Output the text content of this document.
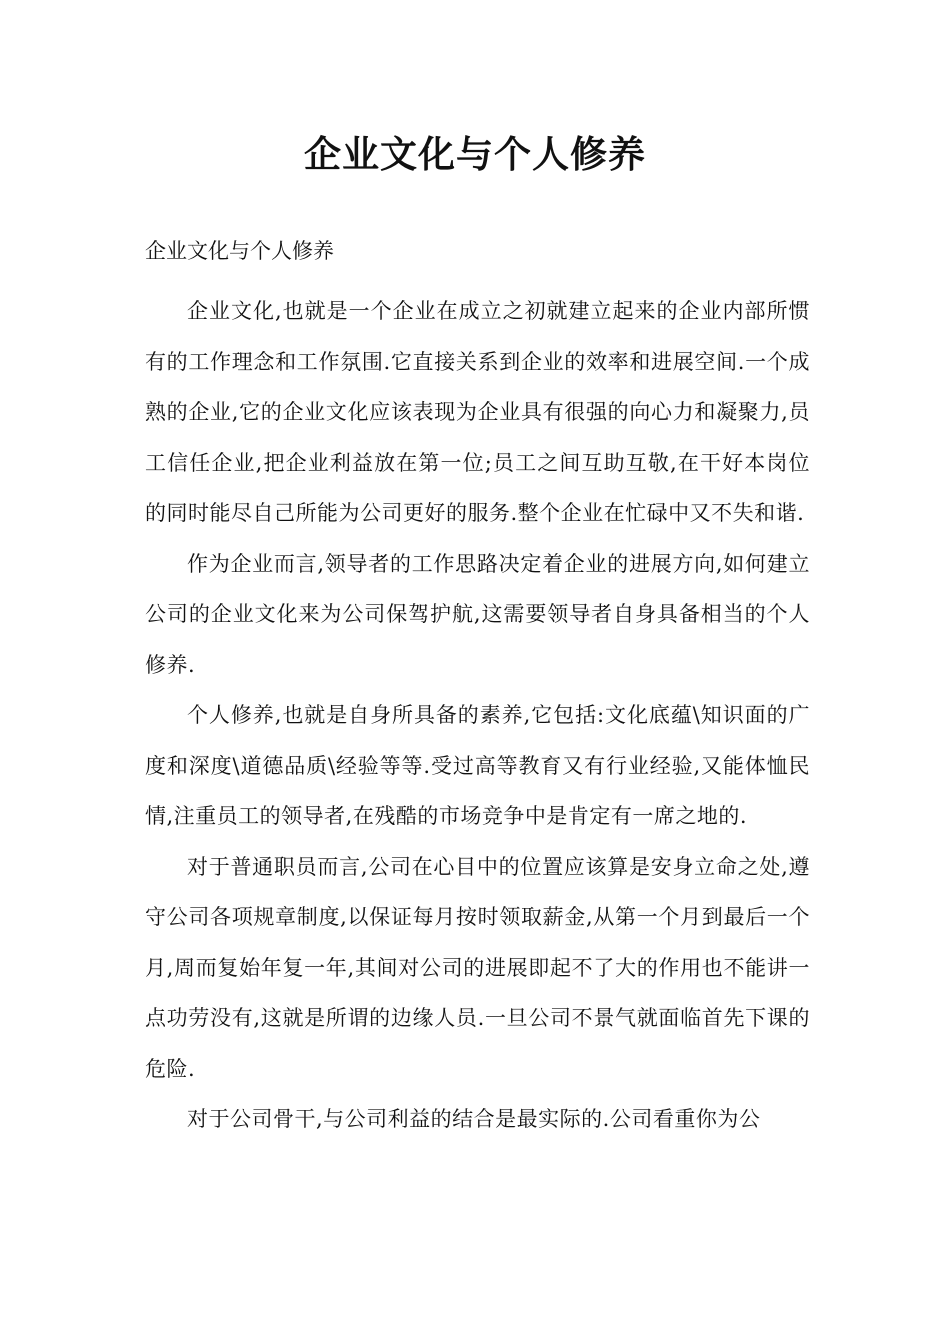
企业文化与个人修养

企业文化与个人修养

企业文化,也就是一个企业在成立之初就建立起来的企业内部所惯有的工作理念和工作氛围.它直接关系到企业的效率和进展空间.一个成熟的企业,它的企业文化应该表现为企业具有很强的向心力和凝聚力,员工信任企业,把企业利益放在第一位;员工之间互助互敬,在干好本岗位的同时能尽自己所能为公司更好的服务.整个企业在忙碌中又不失和谐.

作为企业而言,领导者的工作思路决定着企业的进展方向,如何建立公司的企业文化来为公司保驾护航,这需要领导者自身具备相当的个人修养.

个人修养,也就是自身所具备的素养,它包括:文化底蕴\知识面的广度和深度\道德品质\经验等等.受过高等教育又有行业经验,又能体恤民情,注重员工的领导者,在残酷的市场竞争中是肯定有一席之地的.

对于普通职员而言,公司在心目中的位置应该算是安身立命之处,遵守公司各项规章制度,以保证每月按时领取薪金,从第一个月到最后一个月,周而复始年复一年,其间对公司的进展即起不了大的作用也不能讲一点功劳没有,这就是所谓的边缘人员.一旦公司不景气就面临首先下课的危险.

对于公司骨干,与公司利益的结合是最实际的.公司看重你为公
